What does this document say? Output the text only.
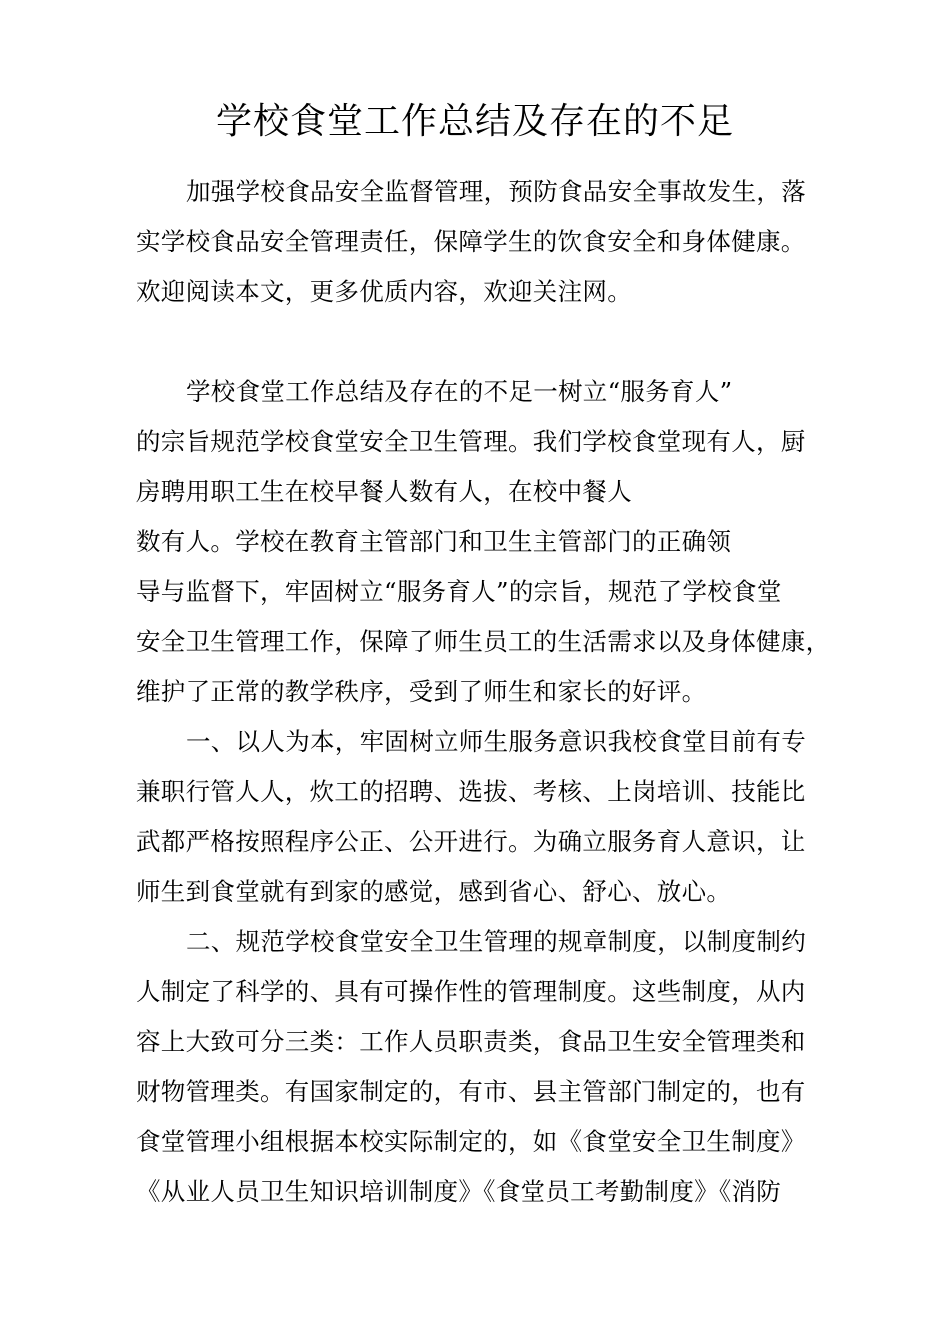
学校食堂工作总结及存在的不足
加强学校食品安全监督管理，预防食品安全事故发生，落
实学校食品安全管理责任，保障学生的饮食安全和身体健康。
欢迎阅读本文，更多优质内容，欢迎关注网。
学校食堂工作总结及存在的不足一树立“服务育人”
的宗旨规范学校食堂安全卫生管理。我们学校食堂现有人，厨
房聘用职工生在校早餐人数有人，在校中餐人
数有人。学校在教育主管部门和卫生主管部门的正确领
导与监督下，牢固树立“服务育人”的宗旨，规范了学校食堂
安全卫生管理工作，保障了师生员工的生活需求以及身体健康，
维护了正常的教学秩序，受到了师生和家长的好评。
一、以人为本，牢固树立师生服务意识我校食堂目前有专
兼职行管人人，炊工的招聘、选拔、考核、上岗培训、技能比
武都严格按照程序公正、公开进行。为确立服务育人意识，让
师生到食堂就有到家的感觉，感到省心、舒心、放心。
二、规范学校食堂安全卫生管理的规章制度，以制度制约
人制定了科学的、具有可操作性的管理制度。这些制度，从内
容上大致可分三类：工作人员职责类，食品卫生安全管理类和
财物管理类。有国家制定的，有市、县主管部门制定的，也有
食堂管理小组根据本校实际制定的，如《食堂安全卫生制度》
《从业人员卫生知识培训制度》《食堂员工考勤制度》《消防
